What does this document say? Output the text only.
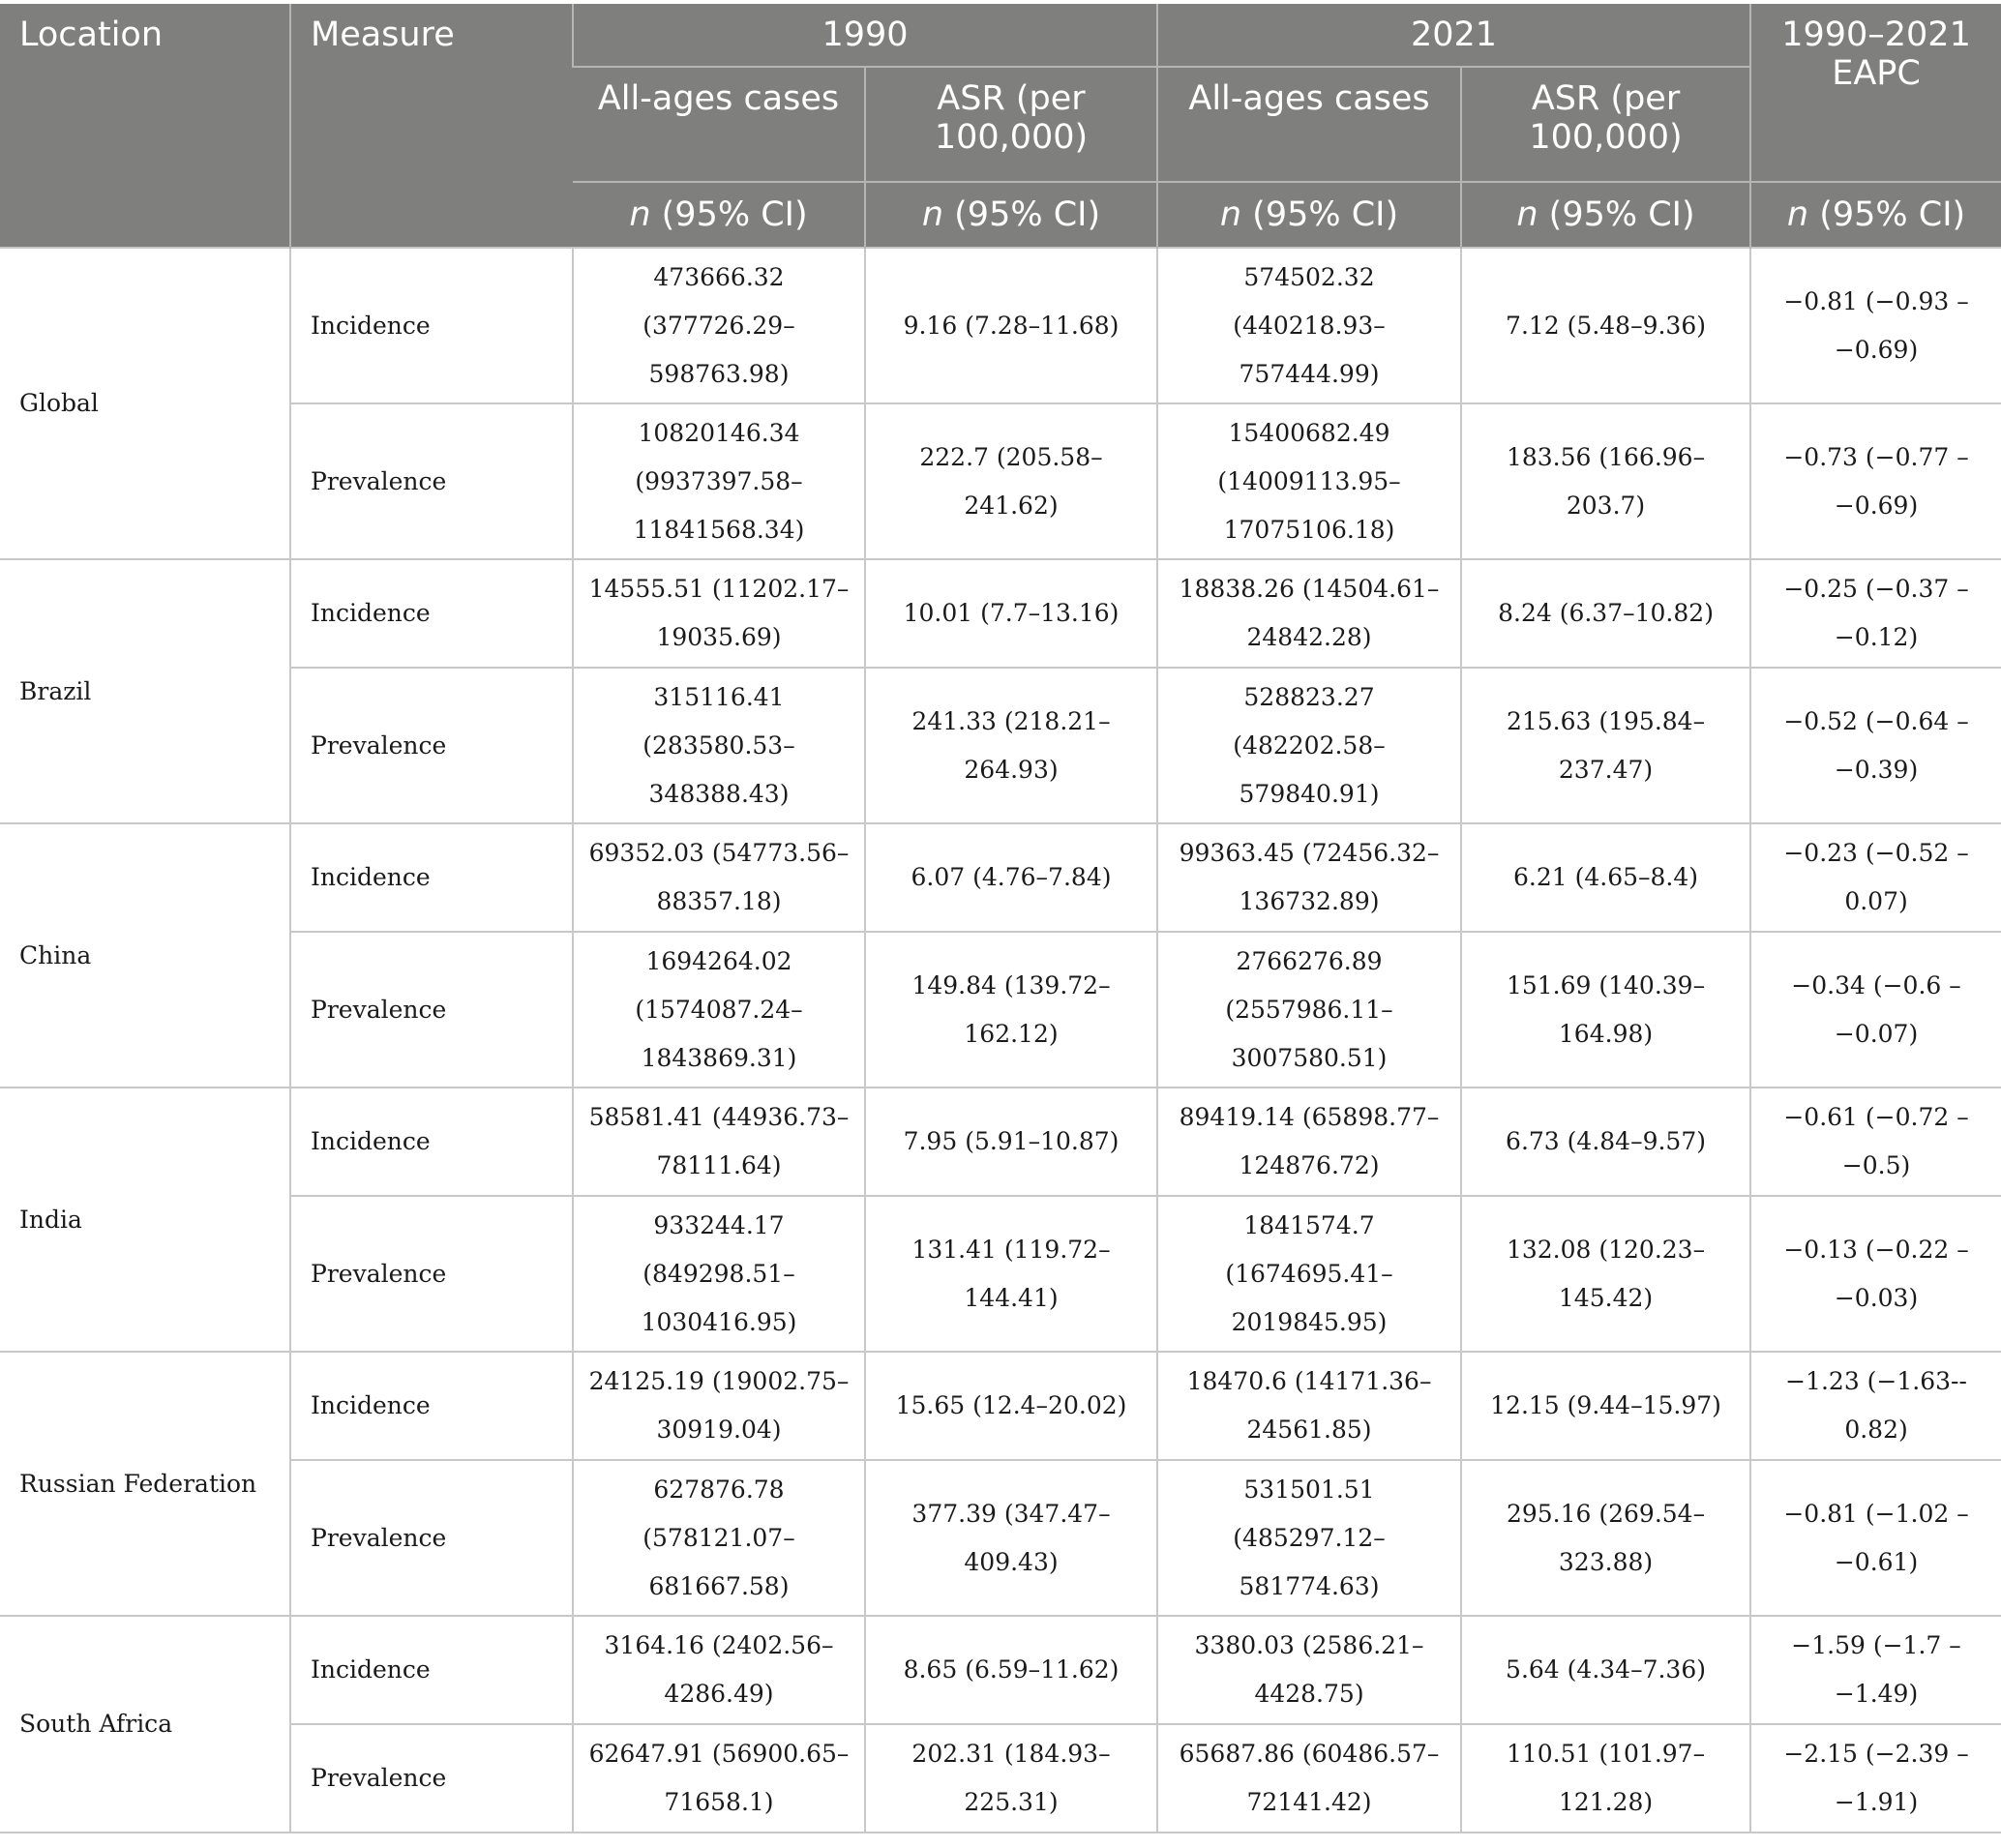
Location	Measure	1990		2021		1990–2021 EAPC
		All-ages cases	ASR (per 100,000)	All-ages cases	ASR (per 100,000)	
		n (95% CI)	n (95% CI)	n (95% CI)	n (95% CI)	n (95% CI)
Global	Incidence	473666.32 (377726.29–598763.98)	9.16 (7.28–11.68)	574502.32 (440218.93–757444.99)	7.12 (5.48–9.36)	−0.81 (−0.93 – −0.69)
	Prevalence	10820146.34 (9937397.58–11841568.34)	222.7 (205.58–241.62)	15400682.49 (14009113.95–17075106.18)	183.56 (166.96–203.7)	−0.73 (−0.77 – −0.69)
Brazil	Incidence	14555.51 (11202.17–19035.69)	10.01 (7.7–13.16)	18838.26 (14504.61–24842.28)	8.24 (6.37–10.82)	−0.25 (−0.37 – −0.12)
	Prevalence	315116.41 (283580.53–348388.43)	241.33 (218.21–264.93)	528823.27 (482202.58–579840.91)	215.63 (195.84–237.47)	−0.52 (−0.64 – −0.39)
China	Incidence	69352.03 (54773.56–88357.18)	6.07 (4.76–7.84)	99363.45 (72456.32–136732.89)	6.21 (4.65–8.4)	−0.23 (−0.52 – 0.07)
	Prevalence	1694264.02 (1574087.24–1843869.31)	149.84 (139.72–162.12)	2766276.89 (2557986.11–3007580.51)	151.69 (140.39–164.98)	−0.34 (−0.6 – −0.07)
India	Incidence	58581.41 (44936.73–78111.64)	7.95 (5.91–10.87)	89419.14 (65898.77–124876.72)	6.73 (4.84–9.57)	−0.61 (−0.72 – −0.5)
	Prevalence	933244.17 (849298.51–1030416.95)	131.41 (119.72–144.41)	1841574.7 (1674695.41–2019845.95)	132.08 (120.23–145.42)	−0.13 (−0.22 – −0.03)
Russian Federation	Incidence	24125.19 (19002.75–30919.04)	15.65 (12.4–20.02)	18470.6 (14171.36–24561.85)	12.15 (9.44–15.97)	−1.23 (−1.63-- 0.82)
	Prevalence	627876.78 (578121.07–681667.58)	377.39 (347.47–409.43)	531501.51 (485297.12–581774.63)	295.16 (269.54–323.88)	−0.81 (−1.02 – −0.61)
South Africa	Incidence	3164.16 (2402.56–4286.49)	8.65 (6.59–11.62)	3380.03 (2586.21–4428.75)	5.64 (4.34–7.36)	−1.59 (−1.7 – −1.49)
	Prevalence	62647.91 (56900.65–71658.1)	202.31 (184.93–225.31)	65687.86 (60486.57–72141.42)	110.51 (101.97–121.28)	−2.15 (−2.39 – −1.91)
